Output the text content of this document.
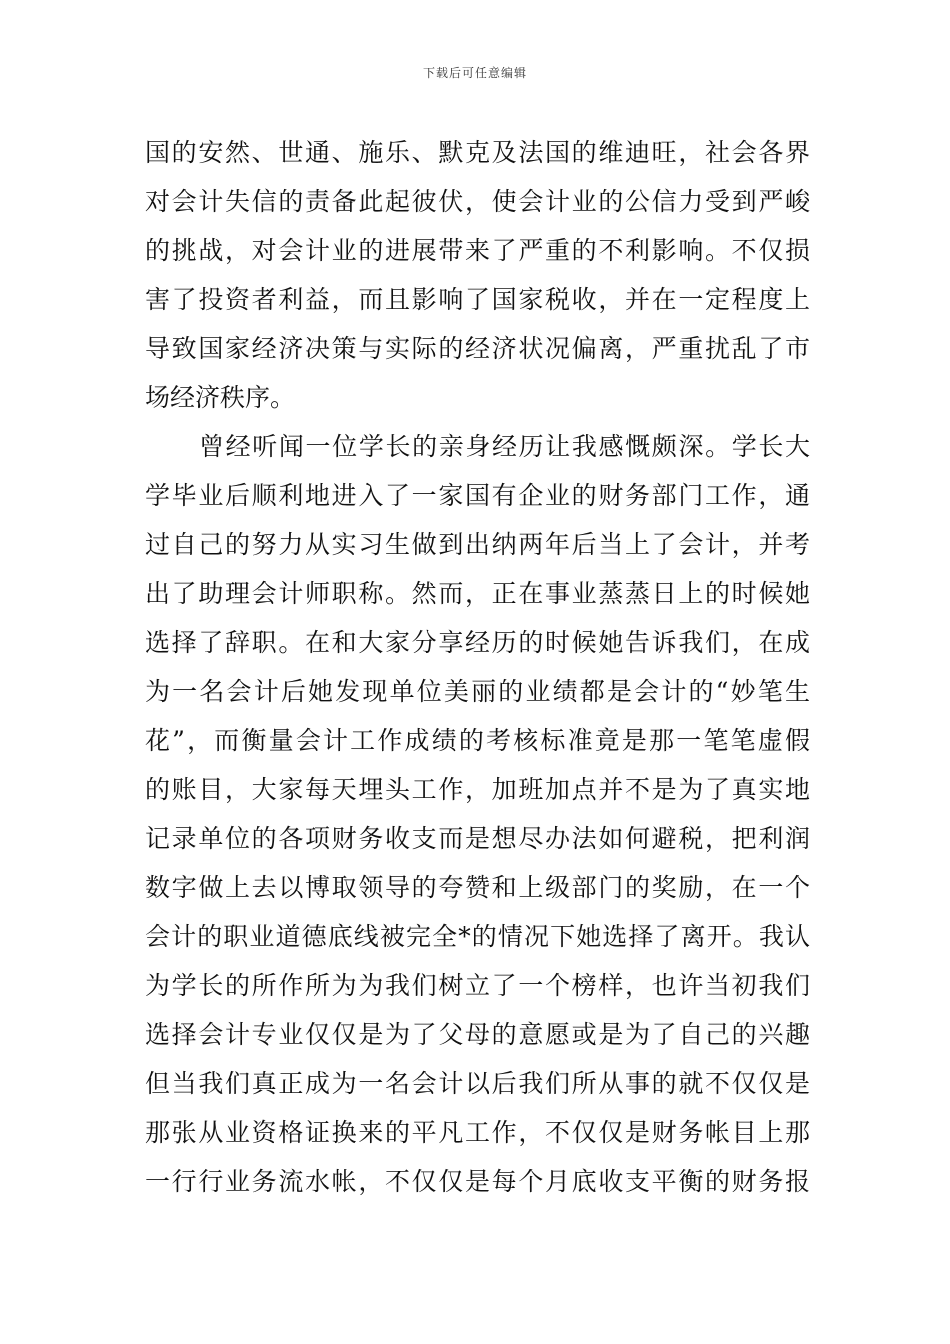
下载后可任意编辑
国的安然、世通、施乐、默克及法国的维迪旺，社会各界
对会计失信的责备此起彼伏，使会计业的公信力受到严峻
的挑战，对会计业的进展带来了严重的不利影响。不仅损
害了投资者利益，而且影响了国家税收，并在一定程度上
导致国家经济决策与实际的经济状况偏离，严重扰乱了市
场经济秩序。
曾经听闻一位学长的亲身经历让我感慨颇深。学长大
学毕业后顺利地进入了一家国有企业的财务部门工作，通
过自己的努力从实习生做到出纳两年后当上了会计，并考
出了助理会计师职称。然而，正在事业蒸蒸日上的时候她
选择了辞职。在和大家分享经历的时候她告诉我们，在成
为一名会计后她发现单位美丽的业绩都是会计的“妙笔生
花”，而衡量会计工作成绩的考核标准竟是那一笔笔虚假
的账目，大家每天埋头工作，加班加点并不是为了真实地
记录单位的各项财务收支而是想尽办法如何避税，把利润
数字做上去以博取领导的夸赞和上级部门的奖励，在一个
会计的职业道德底线被完全*的情况下她选择了离开。我认
为学长的所作所为为我们树立了一个榜样，也许当初我们
选择会计专业仅仅是为了父母的意愿或是为了自己的兴趣
但当我们真正成为一名会计以后我们所从事的就不仅仅是
那张从业资格证换来的平凡工作，不仅仅是财务帐目上那
一行行业务流水帐，不仅仅是每个月底收支平衡的财务报
